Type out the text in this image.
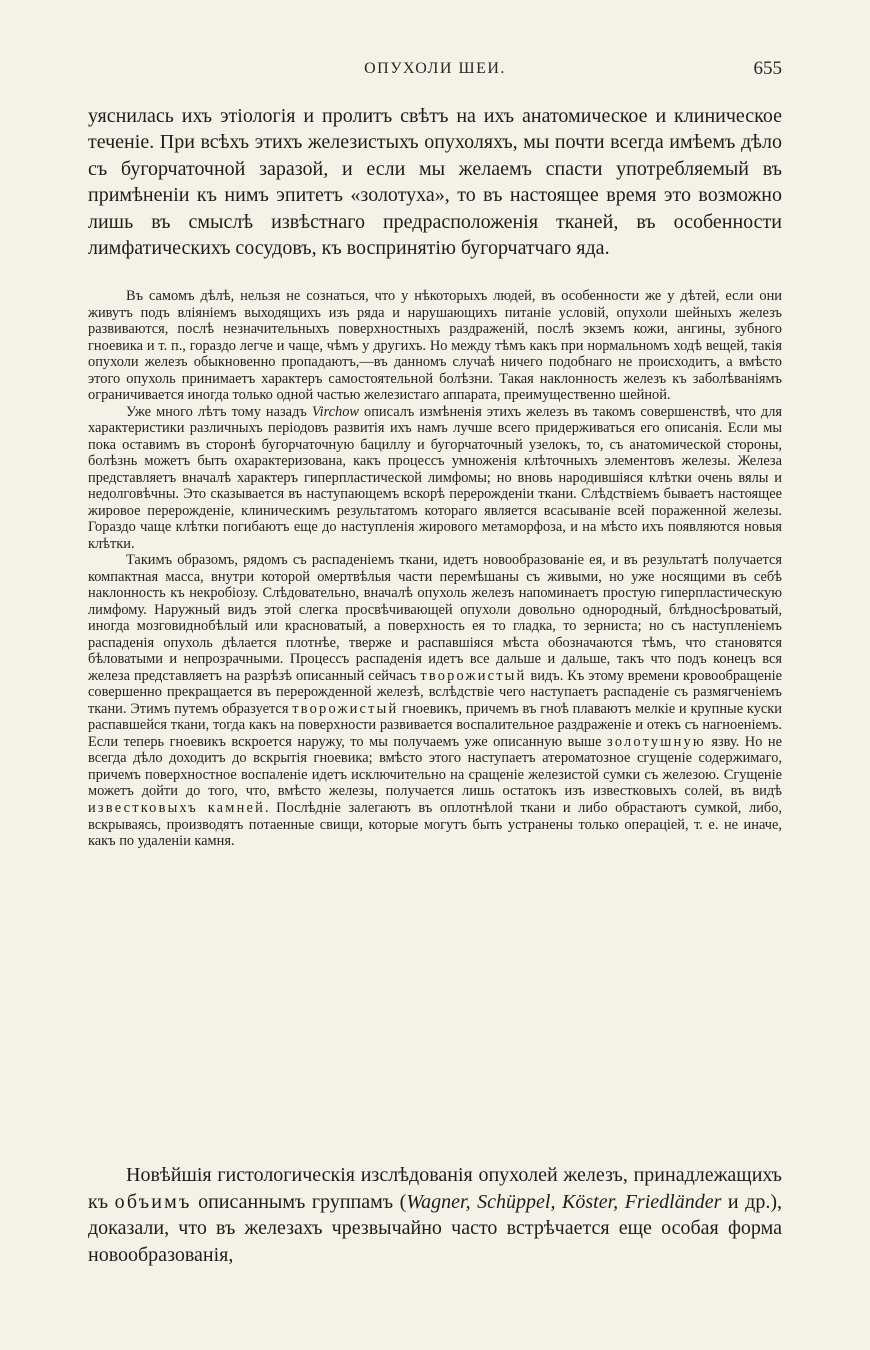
ОПУХОЛИ ШЕИ.	655

уяснилась ихъ этіологія и пролитъ свѣтъ на ихъ анатомическое и клиническое теченіе. При всѣхъ этихъ железистыхъ опухоляхъ, мы почти всегда имѣемъ дѣло съ бугорчаточной заразой, и если мы желаемъ спасти употребляемый въ примѣненіи къ нимъ эпитетъ «золотуха», то въ настоящее время это возможно лишь въ смыслѣ извѣстнаго предрасположенія тканей, въ особенности лимфатическихъ сосудовъ, къ воспринятію бугорчатчаго яда.

Въ самомъ дѣлѣ, нельзя не сознаться, что у нѣкоторыхъ людей, въ особенности же у дѣтей, если они живутъ подъ вліяніемъ выходящихъ изъ ряда и нарушающихъ питаніе условій, опухоли шейныхъ железъ развиваются, послѣ незначительныхъ поверхностныхъ раздраженій, послѣ экземъ кожи, ангины, зубного гноевика и т. п., гораздо легче и чаще, чѣмъ у другихъ. Но между тѣмъ какъ при нормальномъ ходѣ вещей, такія опухоли железъ обыкновенно пропадаютъ,—въ данномъ случаѣ ничего подобнаго не происходитъ, а вмѣсто этого опухоль принимаетъ характеръ самостоятельной болѣзни. Такая наклонность железъ къ заболѣваніямъ ограничивается иногда только одной частью железистаго аппарата, преимущественно шейной.

Уже много лѣтъ тому назадъ Virchow описалъ измѣненія этихъ железъ въ такомъ совершенствѣ, что для характеристики различныхъ періодовъ развитія ихъ намъ лучше всего придерживаться его описанія. Если мы пока оставимъ въ сторонѣ бугорчаточную бациллу и бугорчаточный узелокъ, то, съ анатомической стороны, болѣзнь можетъ быть охарактеризована, какъ процессъ умноженія клѣточныхъ элементовъ железы. Железа представляетъ вначалѣ характеръ гиперпластической лимфомы; но вновь народившіяся клѣтки очень вялы и недолговѣчны. Это сказывается въ наступающемъ вскорѣ перерожденіи ткани. Слѣдствіемъ бываетъ настоящее жировое перерожденіе, клиническимъ результатомъ котораго является всасываніе всей пораженной железы. Гораздо чаще клѣтки погибаютъ еще до наступленія жирового метаморфоза, и на мѣсто ихъ появляются новыя клѣтки.

Такимъ образомъ, рядомъ съ распаденіемъ ткани, идетъ новообразованіе ея, и въ результатѣ получается компактная масса, внутри которой омертвѣлыя части перемѣшаны съ живыми, но уже носящими въ себѣ наклонность къ некробіозу. Слѣдовательно, вначалѣ опухоль железъ напоминаетъ простую гиперпластическую лимфому. Наружный видъ этой слегка просвѣчивающей опухоли довольно однородный, блѣдносѣроватый, иногда мозговиднобѣлый или красноватый, а поверхность ея то гладка, то зерниста; но съ наступленіемъ распаденія опухоль дѣлается плотнѣе, тверже и распавшіяся мѣста обозначаются тѣмъ, что становятся бѣловатыми и непрозрачными. Процессъ распаденія идетъ все дальше и дальше, такъ что подъ конецъ вся железа представляетъ на разрѣзѣ описанный сейчасъ творожистый видъ. Къ этому времени кровообращеніе совершенно прекращается въ перерожденной железѣ, вслѣдствіе чего наступаетъ распаденіе съ размягченіемъ ткани. Этимъ путемъ образуется творожистый гноевикъ, причемъ въ гноѣ плаваютъ мелкіе и крупные куски распавшейся ткани, тогда какъ на поверхности развивается воспалительное раздраженіе и отекъ съ нагноеніемъ. Если теперь гноевикъ вскроется наружу, то мы получаемъ уже описанную выше золотушную язву. Но не всегда дѣло доходитъ до вскрытія гноевика; вмѣсто этого наступаетъ атероматозное сгущеніе содержимаго, причемъ поверхностное воспаленіе идетъ исключительно на сращеніе железистой сумки съ железою. Сгущеніе можетъ дойти до того, что, вмѣсто железы, получается лишь остатокъ изъ известковыхъ солей, въ видѣ известковыхъ камней. Послѣдніе залегаютъ въ оплотнѣлой ткани и либо обрастаютъ сумкой, либо, вскрываясь, производятъ потаенные свищи, которые могутъ быть устранены только операціей, т. е. не иначе, какъ по удаленіи камня.

Новѣйшія гистологическія изслѣдованія опухолей железъ, принадлежащихъ къ объимъ описаннымъ группамъ (Wagner, Schüppel, Köster, Friedländer и др.), доказали, что въ железахъ чрезвычайно часто встрѣчается еще особая форма новообразованія,
